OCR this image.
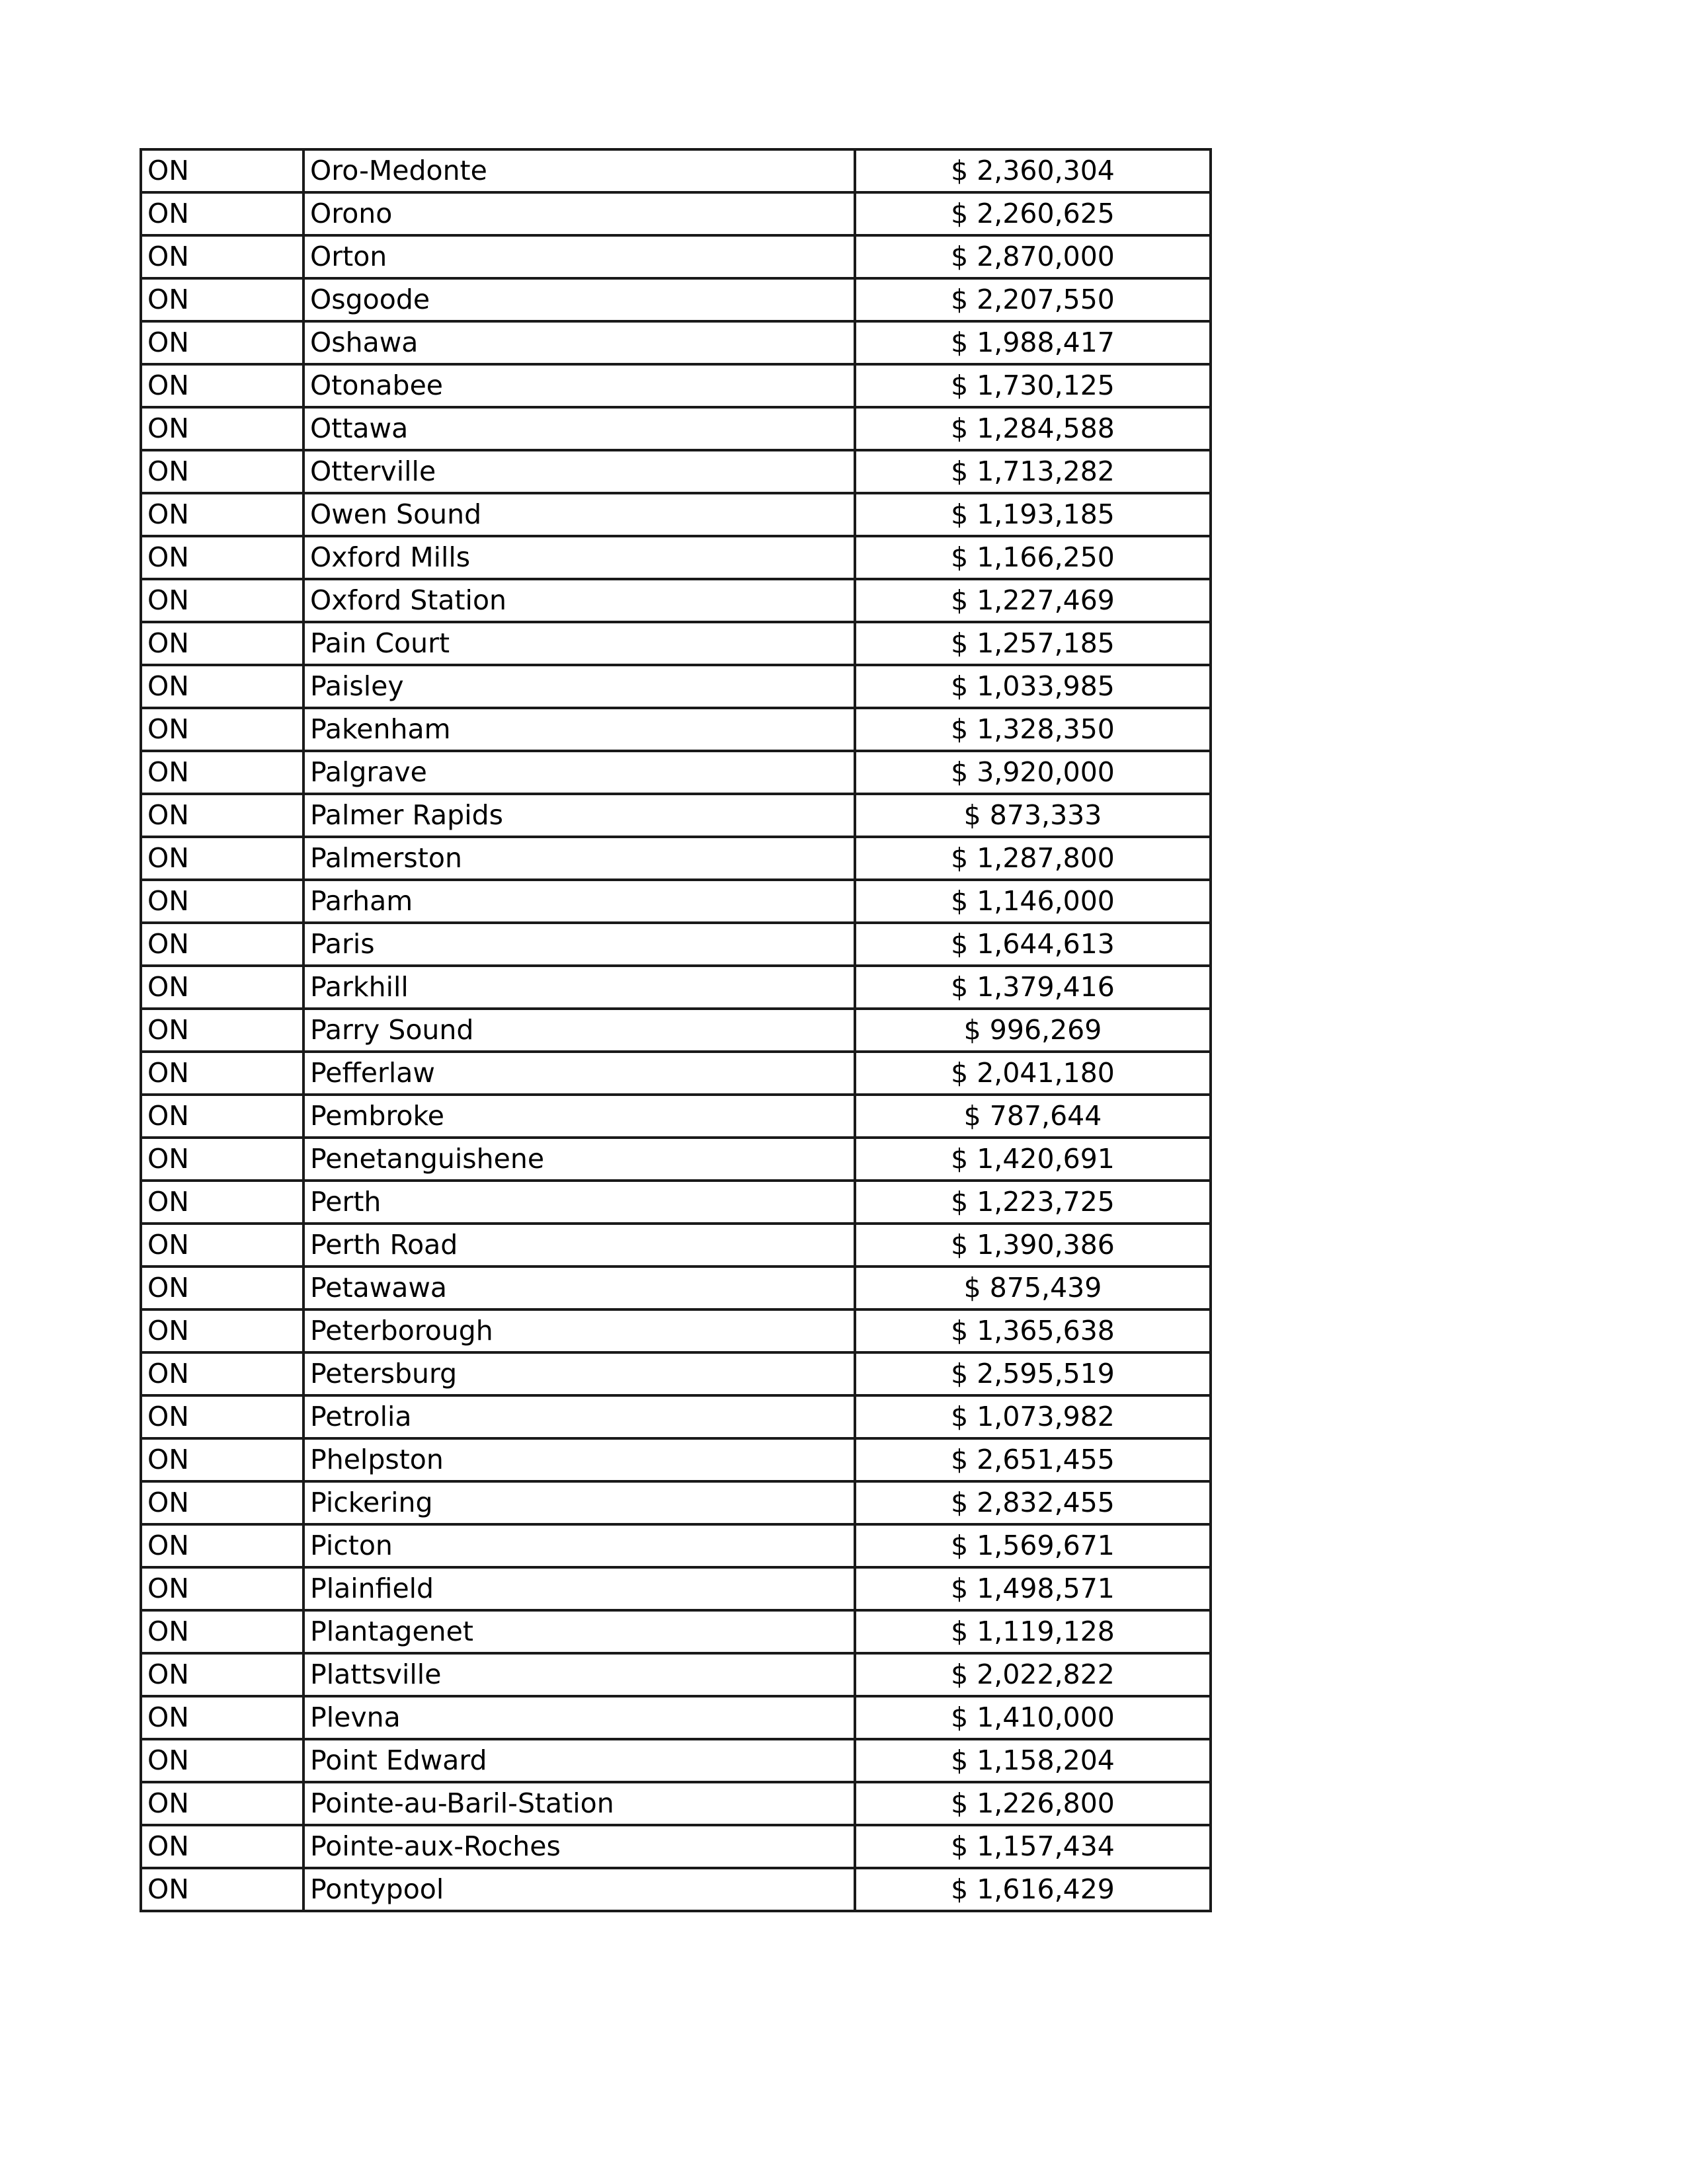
ON	Oro-Medonte	$ 2,360,304
ON	Orono	$ 2,260,625
ON	Orton	$ 2,870,000
ON	Osgoode	$ 2,207,550
ON	Oshawa	$ 1,988,417
ON	Otonabee	$ 1,730,125
ON	Ottawa	$ 1,284,588
ON	Otterville	$ 1,713,282
ON	Owen Sound	$ 1,193,185
ON	Oxford Mills	$ 1,166,250
ON	Oxford Station	$ 1,227,469
ON	Pain Court	$ 1,257,185
ON	Paisley	$ 1,033,985
ON	Pakenham	$ 1,328,350
ON	Palgrave	$ 3,920,000
ON	Palmer Rapids	$ 873,333
ON	Palmerston	$ 1,287,800
ON	Parham	$ 1,146,000
ON	Paris	$ 1,644,613
ON	Parkhill	$ 1,379,416
ON	Parry Sound	$ 996,269
ON	Pefferlaw	$ 2,041,180
ON	Pembroke	$ 787,644
ON	Penetanguishene	$ 1,420,691
ON	Perth	$ 1,223,725
ON	Perth Road	$ 1,390,386
ON	Petawawa	$ 875,439
ON	Peterborough	$ 1,365,638
ON	Petersburg	$ 2,595,519
ON	Petrolia	$ 1,073,982
ON	Phelpston	$ 2,651,455
ON	Pickering	$ 2,832,455
ON	Picton	$ 1,569,671
ON	Plainfield	$ 1,498,571
ON	Plantagenet	$ 1,119,128
ON	Plattsville	$ 2,022,822
ON	Plevna	$ 1,410,000
ON	Point Edward	$ 1,158,204
ON	Pointe-au-Baril-Station	$ 1,226,800
ON	Pointe-aux-Roches	$ 1,157,434
ON	Pontypool	$ 1,616,429
